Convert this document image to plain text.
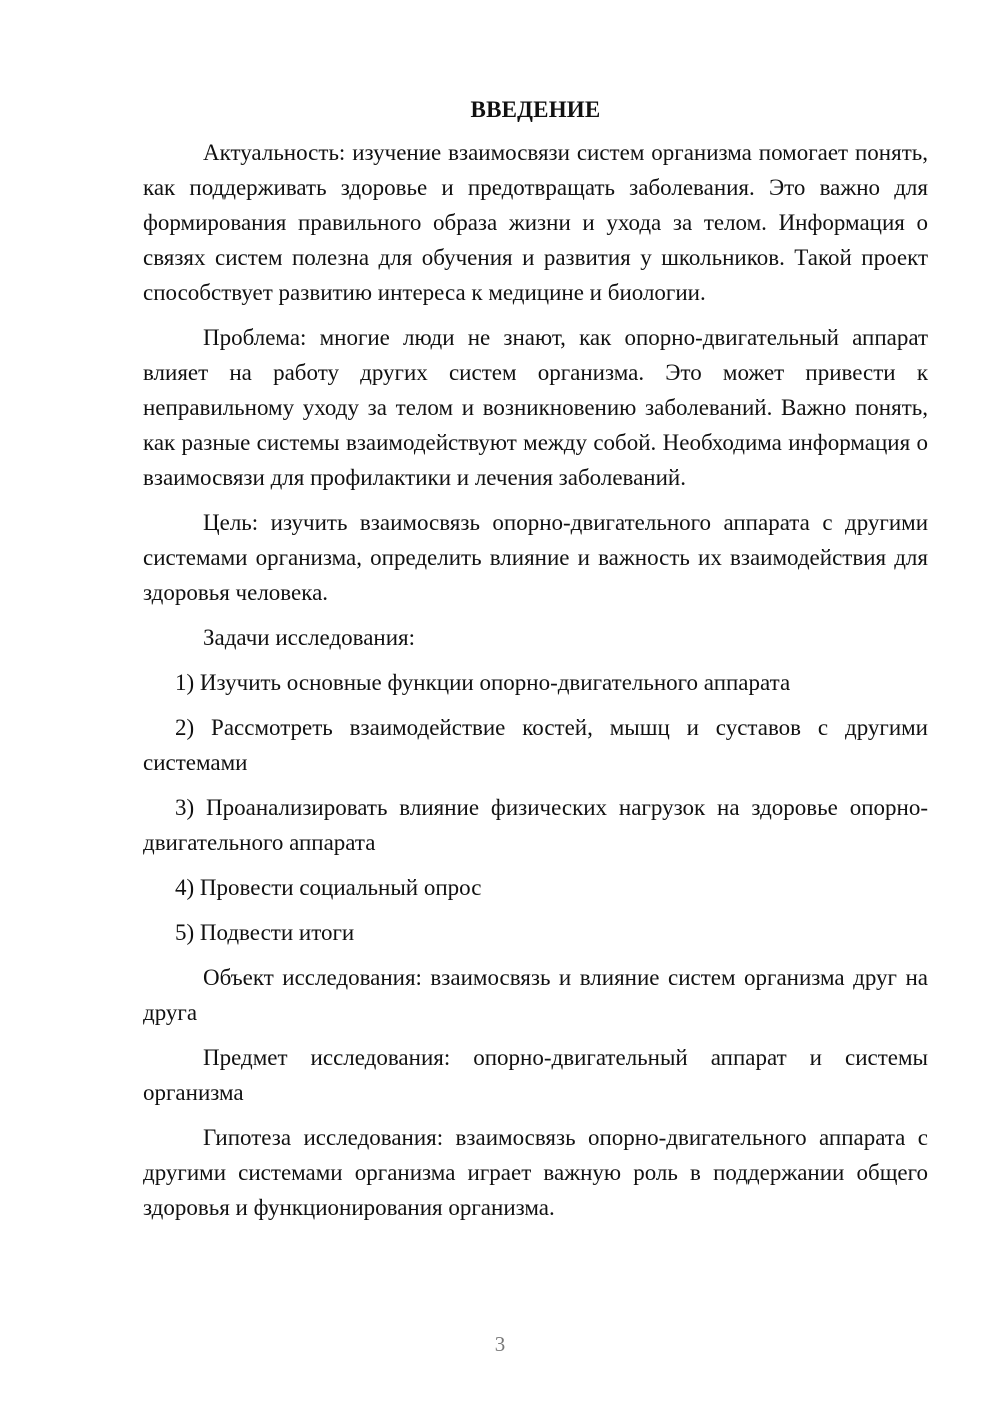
ВВЕДЕНИЕ

Актуальность: изучение взаимосвязи систем организма помогает понять, как поддерживать здоровье и предотвращать заболевания. Это важно для формирования правильного образа жизни и ухода за телом. Информация о связях систем полезна для обучения и развития у школьников. Такой проект способствует развитию интереса к медицине и биологии.

Проблема: многие люди не знают, как опорно-двигательный аппарат влияет на работу других систем организма. Это может привести к неправильному уходу за телом и возникновению заболеваний. Важно понять, как разные системы взаимодействуют между собой. Необходима информация о взаимосвязи для профилактики и лечения заболеваний.

Цель: изучить взаимосвязь опорно-двигательного аппарата с другими системами организма, определить влияние и важность их взаимодействия для здоровья человека.

Задачи исследования:

1) Изучить основные функции опорно-двигательного аппарата

2) Рассмотреть взаимодействие костей, мышц и суставов с другими системами

3) Проанализировать влияние физических нагрузок на здоровье опорно-двигательного аппарата

4) Провести социальный опрос

5) Подвести итоги

Объект исследования: взаимосвязь и влияние систем организма друг на друга

Предмет исследования: опорно-двигательный аппарат и системы организма

Гипотеза исследования: взаимосвязь опорно-двигательного аппарата с другими системами организма играет важную роль в поддержании общего здоровья и функционирования организма.

3
